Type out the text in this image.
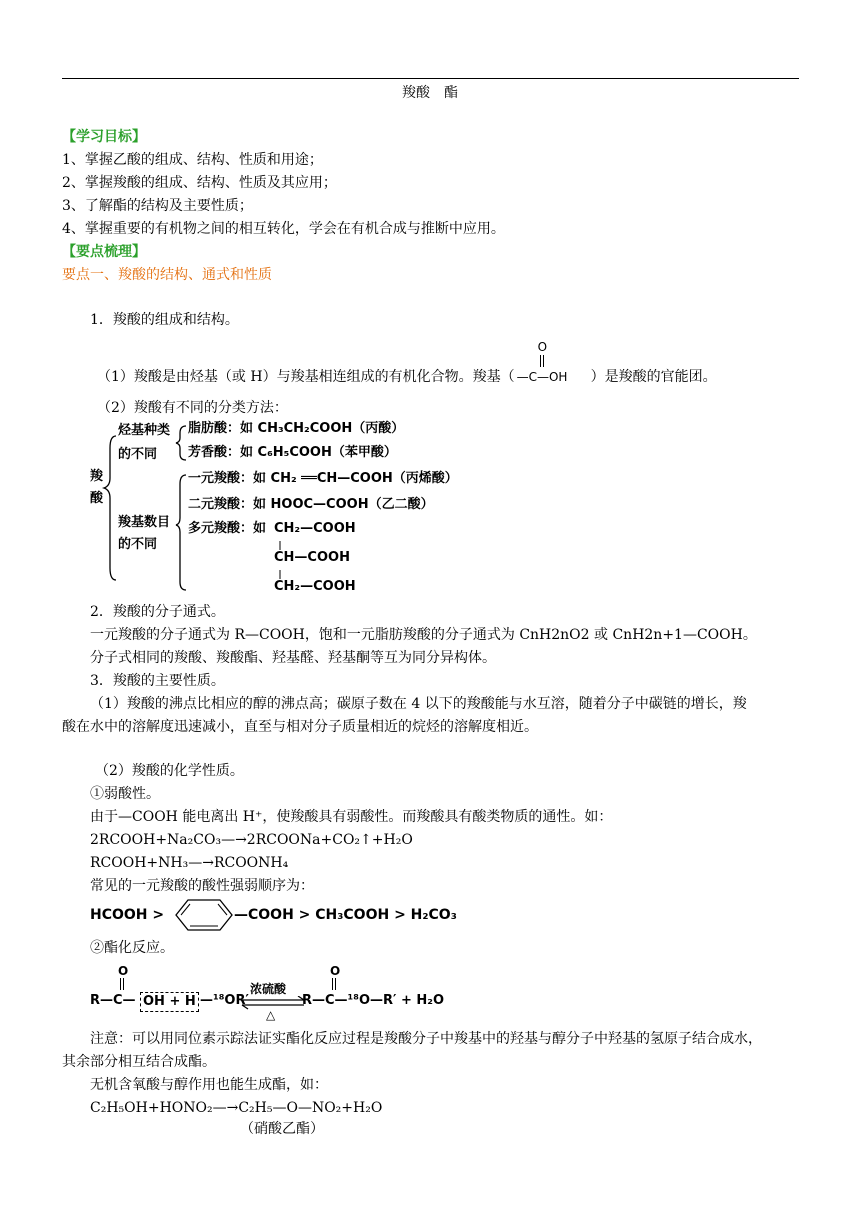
羧酸　酯
【学习目标】
1、掌握乙酸的组成、结构、性质和用途；
2、掌握羧酸的组成、结构、性质及其应用；
3、了解酯的结构及主要性质；
4、掌握重要的有机物之间的相互转化，学会在有机合成与推断中应用。
【要点梳理】
要点一、羧酸的结构、通式和性质
1．羧酸的组成和结构。
（1）羧酸是由烃基（或 H）与羧基相连组成的有机化合物。羧基（
O
—C—OH ）是羧酸的官能团。
（2）羧酸有不同的分类方法：
羧
酸
烃基种类
的不同
羧基数目
的不同
脂肪酸：如 CH₃CH₂COOH（丙酸）
芳香酸：如 C₆H₅COOH（苯甲酸）
一元羧酸：如 CH₂ ══CH—COOH（丙烯酸）
二元羧酸：如 HOOC—COOH（乙二酸）
多元羧酸：如 CH₂—COOH
CH—COOH
CH₂—COOH
2．羧酸的分子通式。
一元羧酸的分子通式为 R—COOH，饱和一元脂肪羧酸的分子通式为 CnH2nO2 或 CnH2n+1—COOH。
分子式相同的羧酸、羧酸酯、羟基醛、羟基酮等互为同分异构体。
3．羧酸的主要性质。
（1）羧酸的沸点比相应的醇的沸点高；碳原子数在 4 以下的羧酸能与水互溶，随着分子中碳链的增长，羧
酸在水中的溶解度迅速减小，直至与相对分子质量相近的烷烃的溶解度相近。
（2）羧酸的化学性质。
①弱酸性。
由于—COOH 能电离出 H⁺，使羧酸具有弱酸性。而羧酸具有酸类物质的通性。如：
2RCOOH+Na₂CO₃—→2RCOONa+CO₂↑+H₂O
RCOOH+NH₃—→RCOONH₄
常见的一元羧酸的酸性强弱顺序为：
HCOOH >	—COOH > CH₃COOH > H₂CO₃
②酯化反应。
O
R—C— OH + H —¹⁸OR′
浓硫酸
△
O
R—C—¹⁸O—R′ + H₂O
注意：可以用同位素示踪法证实酯化反应过程是羧酸分子中羧基中的羟基与醇分子中羟基的氢原子结合成水，
其余部分相互结合成酯。
无机含氧酸与醇作用也能生成酯，如：
C₂H₅OH+HONO₂—→C₂H₅—O—NO₂+H₂O
（硝酸乙酯）
